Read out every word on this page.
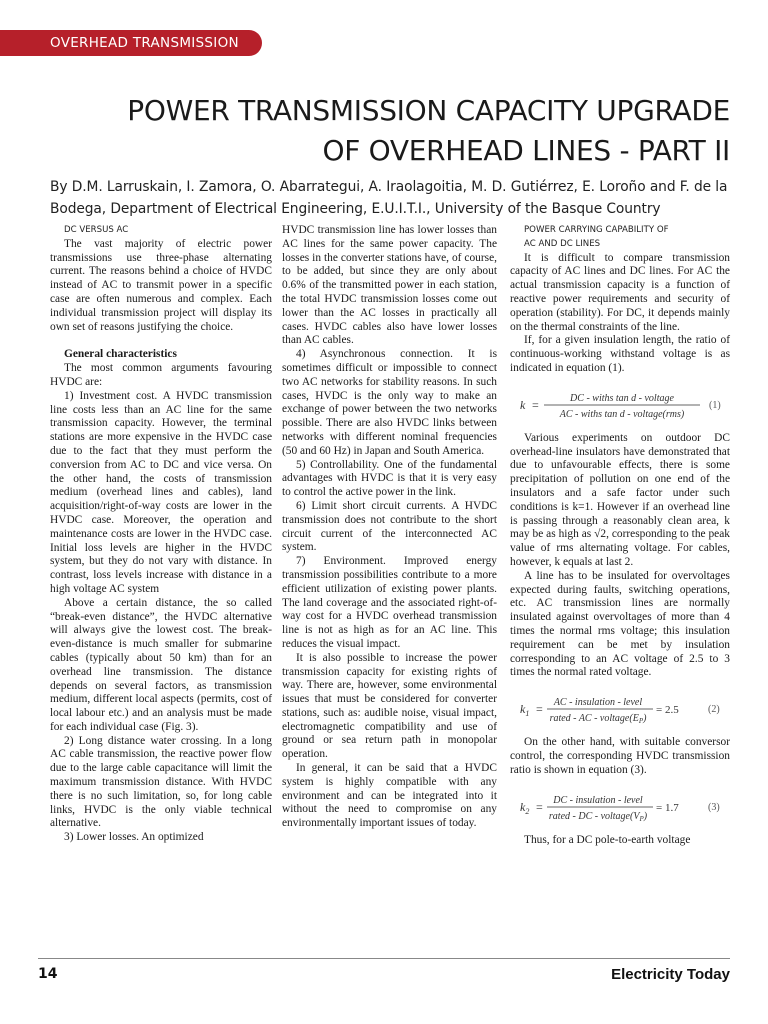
OVERHEAD TRANSMISSION
POWER TRANSMISSION CAPACITY UPGRADE
OF OVERHEAD LINES - PART II

By D.M. Larruskain, I. Zamora, O. Abarrategui, A. Iraolagoitia, M. D. Gutiérrez, E. Loroño and F. de la Bodega, Department of Electrical Engineering, E.U.I.T.I., University of the Basque Country

DC VERSUS AC

The vast majority of electric power transmissions use three-phase alternating current. The reasons behind a choice of HVDC instead of AC to transmit power in a specific case are often numerous and complex. Each individual transmission project will display its own set of reasons justifying the choice.

General characteristics

The most common arguments favouring HVDC are:

1) Investment cost. A HVDC transmission line costs less than an AC line for the same transmission capacity. However, the terminal stations are more expensive in the HVDC case due to the fact that they must perform the conversion from AC to DC and vice versa. On the other hand, the costs of transmission medium (overhead lines and cables), land acquisition/right-of-way costs are lower in the HVDC case. Moreover, the operation and maintenance costs are lower in the HVDC case. Initial loss levels are higher in the HVDC system, but they do not vary with distance. In contrast, loss levels increase with distance in a high voltage AC system

Above a certain distance, the so called “break-even distance”, the HVDC alternative will always give the lowest cost. The break-even-distance is much smaller for submarine cables (typically about 50 km) than for an overhead line transmission. The distance depends on several factors, as transmission medium, different local aspects (permits, cost of local labour etc.) and an analysis must be made for each individual case (Fig. 3).

2) Long distance water crossing. In a long AC cable transmission, the reactive power flow due to the large cable capacitance will limit the maximum transmission distance. With HVDC there is no such limitation, so, for long cable links, HVDC is the only viable technical alternative.

3) Lower losses. An optimized

HVDC transmission line has lower losses than AC lines for the same power capacity. The losses in the converter stations have, of course, to be added, but since they are only about 0.6% of the transmitted power in each station, the total HVDC transmission losses come out lower than the AC losses in practically all cases. HVDC cables also have lower losses than AC cables.

4) Asynchronous connection. It is sometimes difficult or impossible to connect two AC networks for stability reasons. In such cases, HVDC is the only way to make an exchange of power between the two networks possible. There are also HVDC links between networks with different nominal frequencies (50 and 60 Hz) in Japan and South America.

5) Controllability. One of the fundamental advantages with HVDC is that it is very easy to control the active power in the link.

6) Limit short circuit currents. A HVDC transmission does not contribute to the short circuit current of the interconnected AC system.

7) Environment. Improved energy transmission possibilities contribute to a more efficient utilization of existing power plants. The land coverage and the associated right-of-way cost for a HVDC overhead transmission line is not as high as for an AC line. This reduces the visual impact.

It is also possible to increase the power transmission capacity for existing rights of way. There are, however, some environmental issues that must be considered for converter stations, such as: audible noise, visual impact, electromagnetic compatibility and use of ground or sea return path in monopolar operation.

In general, it can be said that a HVDC system is highly compatible with any environment and can be integrated into it without the need to compromise on any environmentally important issues of today.

POWER CARRYING CAPABILITY OF

AC AND DC LINES

It is difficult to compare transmission capacity of AC lines and DC lines. For AC the actual transmission capacity is a function of reactive power requirements and security of operation (stability). For DC, it depends mainly on the thermal constraints of the line.

If, for a given insulation length, the ratio of continuous-working withstand voltage is as indicated in equation (1).

k =	DC - withs tan d - voltage
AC - withs tan d - voltage(rms)
(1)

Various experiments on outdoor DC overhead-line insulators have demonstrated that due to unfavourable effects, there is some precipitation of pollution on one end of the insulators and a safe factor under such conditions is k=1. However if an overhead line is passing through a reasonably clean area, k may be as high as √2, corresponding to the peak value of rms alternating voltage. For cables, however, k equals at last 2.

A line has to be insulated for overvoltages expected during faults, switching operations, etc. AC transmission lines are normally insulated against overvoltages of more than 4 times the normal rms voltage; this insulation requirement can be met by insulation corresponding to an AC voltage of 2.5 to 3 times the normal rated voltage.

$k_1$ = AC - insulation - level
rated - AC - $voltage(E_P)$
= 2.5	(2)

On the other hand, with suitable conversor control, the corresponding HVDC transmission ratio is shown in equation (3).

$k_2$ = DC - insulation - level
rated - DC - $voltage(V_P)$
= 1.7	(3)

Thus, for a DC pole-to-earth voltage

14	Electricity Today
